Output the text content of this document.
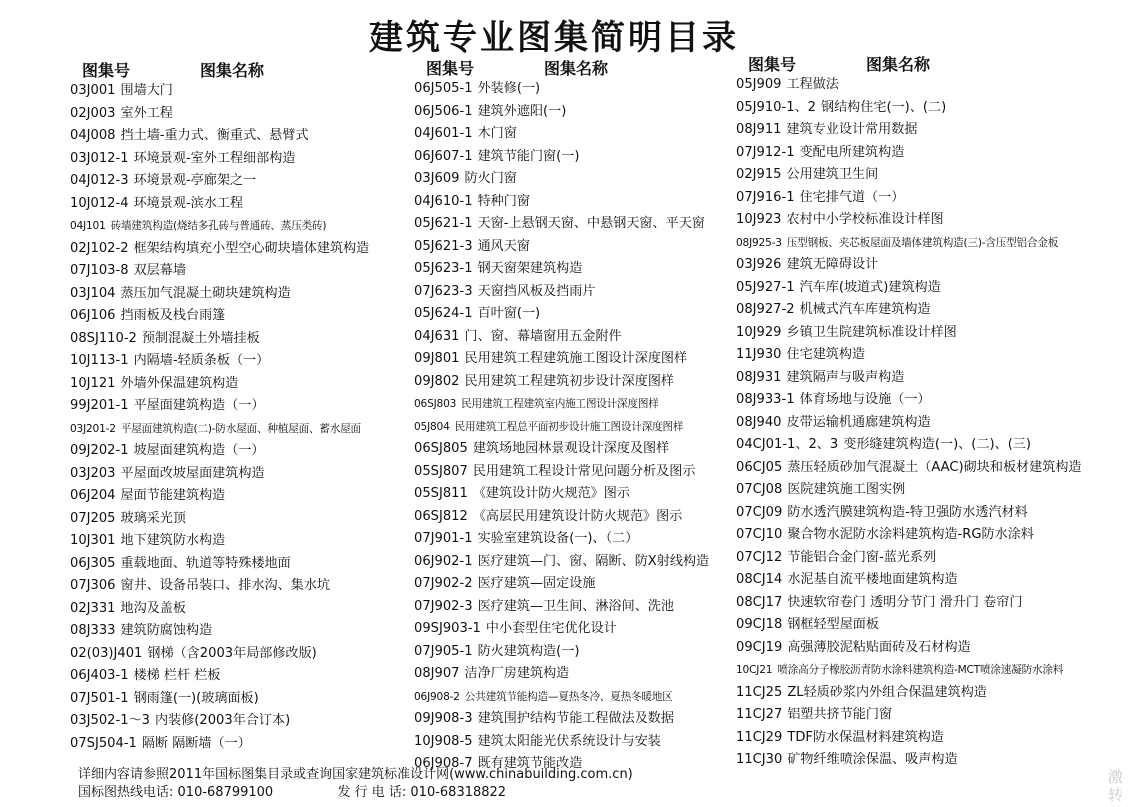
建筑专业图集简明目录
图集号	图集名称
03J001 围墙大门
02J003 室外工程
04J008 挡土墙-重力式、衡重式、悬臂式
03J012-1 环境景观-室外工程细部构造
04J012-3 环境景观-亭廊架之一
10J012-4 环境景观-滨水工程
04J101 砖墙建筑构造(烧结多孔砖与普通砖、蒸压类砖)
02J102-2 框架结构填充小型空心砌块墙体建筑构造
07J103-8 双层幕墙
03J104 蒸压加气混凝土砌块建筑构造
06J106 挡雨板及栈台雨篷
08SJ110-2 预制混凝土外墙挂板
10J113-1 内隔墙-轻质条板（一）
10J121 外墙外保温建筑构造
99J201-1 平屋面建筑构造（一）
03J201-2 平屋面建筑构造(二)-防水屋面、种植屋面、蓄水屋面
09J202-1 坡屋面建筑构造（一）
03J203 平屋面改坡屋面建筑构造
06J204 屋面节能建筑构造
07J205 玻璃采光顶
10J301 地下建筑防水构造
06J305 重载地面、轨道等特殊楼地面
07J306 窗井、设备吊装口、排水沟、集水坑
02J331 地沟及盖板
08J333 建筑防腐蚀构造
02(03)J401 钢梯（含2003年局部修改版)
06J403-1 楼梯 栏杆 栏板
07J501-1 钢雨篷(一)(玻璃面板)
03J502-1～3 内装修(2003年合订本)
07SJ504-1 隔断 隔断墙（一）
图集号	图集名称
06J505-1 外装修(一)
06J506-1 建筑外遮阳(一)
04J601-1 木门窗
06J607-1 建筑节能门窗(一)
03J609 防火门窗
04J610-1 特种门窗
05J621-1 天窗-上悬钢天窗、中悬钢天窗、平天窗
05J621-3 通风天窗
05J623-1 钢天窗架建筑构造
07J623-3 天窗挡风板及挡雨片
05J624-1 百叶窗(一)
04J631 门、窗、幕墙窗用五金附件
09J801 民用建筑工程建筑施工图设计深度图样
09J802 民用建筑工程建筑初步设计深度图样
06SJ803 民用建筑工程建筑室内施工图设计深度图样
05J804 民用建筑工程总平面初步设计施工图设计深度图样
06SJ805 建筑场地园林景观设计深度及图样
05SJ807 民用建筑工程设计常见问题分析及图示
05SJ811 《建筑设计防火规范》图示
06SJ812 《高层民用建筑设计防火规范》图示
07J901-1 实验室建筑设备(一)、（二）
06J902-1 医疗建筑—门、窗、隔断、防X射线构造
07J902-2 医疗建筑—固定设施
07J902-3 医疗建筑—卫生间、淋浴间、洗池
09SJ903-1 中小套型住宅优化设计
07J905-1 防火建筑构造(一)
08J907 洁净厂房建筑构造
06J908-2 公共建筑节能构造—夏热冬冷、夏热冬暖地区
09J908-3 建筑围护结构节能工程做法及数据
10J908-5 建筑太阳能光伏系统设计与安装
06J908-7 既有建筑节能改造
图集号	图集名称
05J909 工程做法
05J910-1、2 钢结构住宅(一)、(二)
08J911 建筑专业设计常用数据
07J912-1 变配电所建筑构造
02J915 公用建筑卫生间
07J916-1 住宅排气道（一）
10J923 农村中小学校标准设计样图
08J925-3 压型钢板、夹芯板屋面及墙体建筑构造(三)-含压型铝合金板
03J926 建筑无障碍设计
05J927-1 汽车库(坡道式)建筑构造
08J927-2 机械式汽车库建筑构造
10J929 乡镇卫生院建筑标准设计样图
11J930 住宅建筑构造
08J931 建筑隔声与吸声构造
08J933-1 体育场地与设施（一）
08J940 皮带运输机通廊建筑构造
04CJ01-1、2、3 变形缝建筑构造(一)、(二)、(三)
06CJ05 蒸压轻质砂加气混凝土（AAC)砌块和板材建筑构造
07CJ08 医院建筑施工图实例
07CJ09 防水透汽膜建筑构造-特卫强防水透汽材料
07CJ10 聚合物水泥防水涂料建筑构造-RG防水涂料
07CJ12 节能铝合金门窗-蓝光系列
08CJ14 水泥基自流平楼地面建筑构造
08CJ17 快速软帘卷门 透明分节门 滑升门 卷帘门
09CJ18 钢框轻型屋面板
09CJ19 高强薄胶泥粘贴面砖及石材构造
10CJ21 喷涂高分子橡胶沥青防水涂料建筑构造-MCT喷涂速凝防水涂料
11CJ25 ZL轻质砂浆内外组合保温建筑构造
11CJ27 铝塑共挤节能门窗
11CJ29 TDF防水保温材料建筑构造
11CJ30 矿物纤维喷涂保温、吸声构造
详细内容请参照2011年国标图集目录或查询国家建筑标准设计网(www.chinabuilding.com.cn)
国标图热线电话: 010-68799100	发 行 电 话: 010-68318822
激转
